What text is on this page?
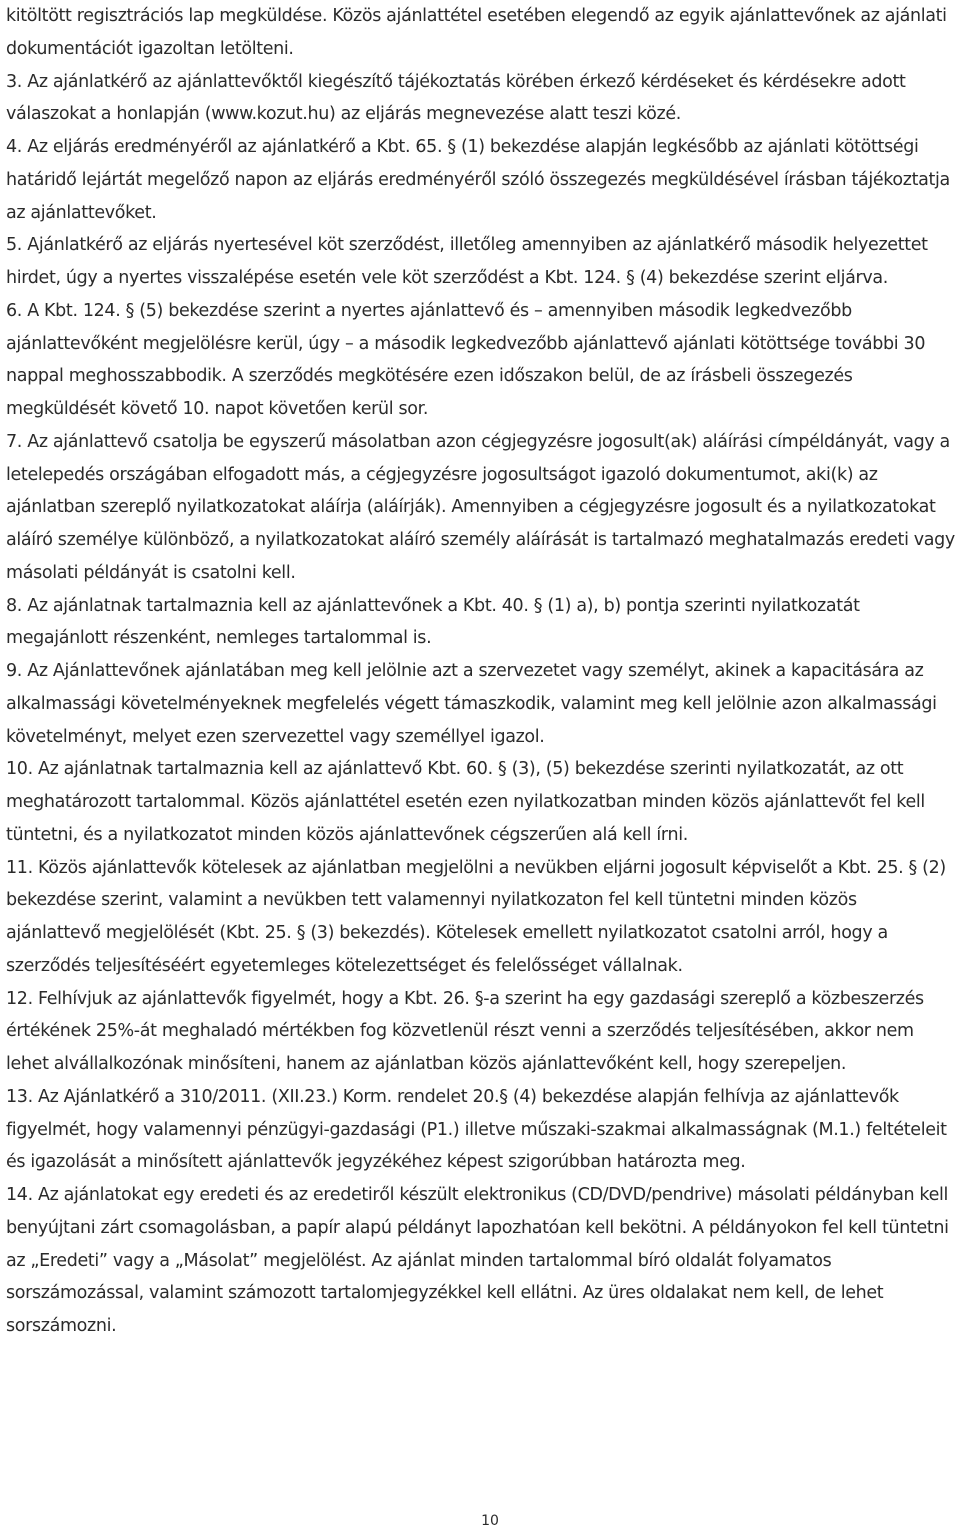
kitöltött regisztrációs lap megküldése. Közös ajánlattétel esetében elegendő az egyik ajánlattevőnek az ajánlati dokumentációt igazoltan letölteni.

3. Az ajánlatkérő az ajánlattevőktől kiegészítő tájékoztatás körében érkező kérdéseket és kérdésekre adott válaszokat a honlapján (www.kozut.hu) az eljárás megnevezése alatt teszi közé.

4. Az eljárás eredményéről az ajánlatkérő a Kbt. 65. § (1) bekezdése alapján legkésőbb az ajánlati kötöttségi határidő lejártát megelőző napon az eljárás eredményéről szóló összegezés megküldésével írásban tájékoztatja az ajánlattevőket.

5. Ajánlatkérő az eljárás nyertesével köt szerződést, illetőleg amennyiben az ajánlatkérő második helyezettet hirdet, úgy a nyertes visszalépése esetén vele köt szerződést a Kbt. 124. § (4) bekezdése szerint eljárva.

6. A Kbt. 124. § (5) bekezdése szerint a nyertes ajánlattevő és – amennyiben második legkedvezőbb ajánlattevőként megjelölésre kerül, úgy – a második legkedvezőbb ajánlattevő ajánlati kötöttsége további 30 nappal meghosszabbodik. A szerződés megkötésére ezen időszakon belül, de az írásbeli összegezés megküldését követő 10. napot követően kerül sor.

7. Az ajánlattevő csatolja be egyszerű másolatban azon cégjegyzésre jogosult(ak) aláírási címpéldányát, vagy a letelepedés országában elfogadott más, a cégjegyzésre jogosultságot igazoló dokumentumot, aki(k) az ajánlatban szereplő nyilatkozatokat aláírja (aláírják). Amennyiben a cégjegyzésre jogosult és a nyilatkozatokat aláíró személye különböző, a nyilatkozatokat aláíró személy aláírását is tartalmazó meghatalmazás eredeti vagy másolati példányát is csatolni kell.

8. Az ajánlatnak tartalmaznia kell az ajánlattevőnek a Kbt. 40. § (1) a), b) pontja szerinti nyilatkozatát megajánlott részenként, nemleges tartalommal is.

9. Az Ajánlattevőnek ajánlatában meg kell jelölnie azt a szervezetet vagy személyt, akinek a kapacitására az alkalmassági követelményeknek megfelelés végett támaszkodik, valamint meg kell jelölnie azon alkalmassági követelményt, melyet ezen szervezettel vagy személlyel igazol.

10. Az ajánlatnak tartalmaznia kell az ajánlattevő Kbt. 60. § (3), (5) bekezdése szerinti nyilatkozatát, az ott meghatározott tartalommal. Közös ajánlattétel esetén ezen nyilatkozatban minden közös ajánlattevőt fel kell tüntetni, és a nyilatkozatot minden közös ajánlattevőnek cégszerűen alá kell írni.

11. Közös ajánlattevők kötelesek az ajánlatban megjelölni a nevükben eljárni jogosult képviselőt a Kbt. 25. § (2) bekezdése szerint, valamint a nevükben tett valamennyi nyilatkozaton fel kell tüntetni minden közös ajánlattevő megjelölését (Kbt. 25. § (3) bekezdés). Kötelesek emellett nyilatkozatot csatolni arról, hogy a szerződés teljesítéséért egyetemleges kötelezettséget és felelősséget vállalnak.

12. Felhívjuk az ajánlattevők figyelmét, hogy a Kbt. 26. §-a szerint ha egy gazdasági szereplő a közbeszerzés értékének 25%-át meghaladó mértékben fog közvetlenül részt venni a szerződés teljesítésében, akkor nem lehet alvállalkozónak minősíteni, hanem az ajánlatban közös ajánlattevőként kell, hogy szerepeljen.

13. Az Ajánlatkérő a 310/2011. (XII.23.) Korm. rendelet 20.§ (4) bekezdése alapján felhívja az ajánlattevők figyelmét, hogy valamennyi pénzügyi-gazdasági (P1.) illetve műszaki-szakmai alkalmasságnak (M.1.) feltételeit és igazolását a minősített ajánlattevők jegyzékéhez képest szigorúbban határozta meg.

14. Az ajánlatokat egy eredeti és az eredetiről készült elektronikus (CD/DVD/pendrive) másolati példányban kell benyújtani zárt csomagolásban, a papír alapú példányt lapozhatóan kell bekötni. A példányokon fel kell tüntetni az „Eredeti” vagy a „Másolat” megjelölést. Az ajánlat minden tartalommal bíró oldalát folyamatos sorszámozással, valamint számozott tartalomjegyzékkel kell ellátni. Az üres oldalakat nem kell, de lehet sorszámozni.

10
